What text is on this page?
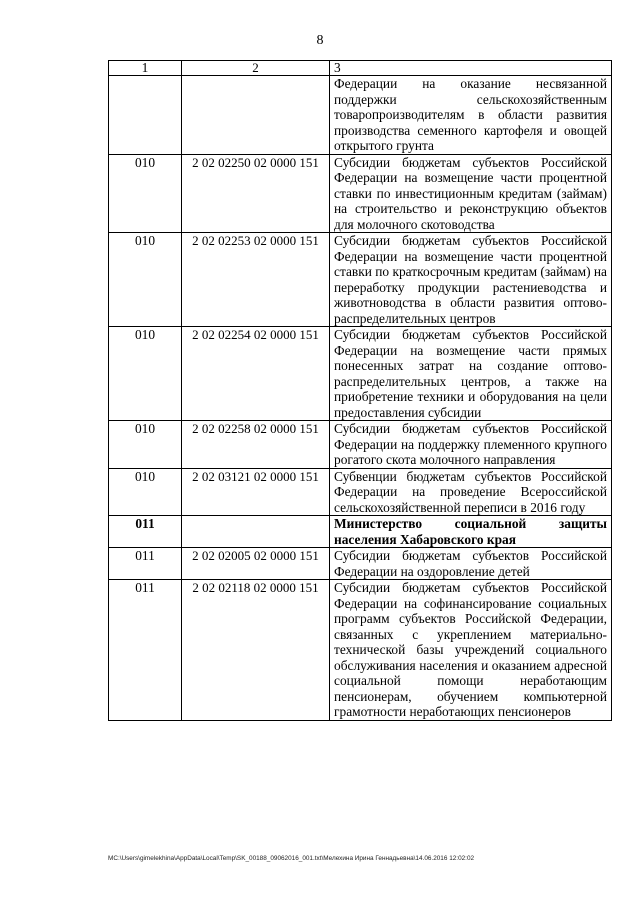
8
1	2	3
		Федерации на оказание несвязанной поддержки сельскохозяйственным товаропроизводителям в области развития производства семенного картофеля и овощей открытого грунта
010	2 02 02250 02 0000 151	Субсидии бюджетам субъектов Российской Федерации на возмещение части процентной ставки по инвестиционным кредитам (займам) на строительство и реконструкцию объектов для молочного скотоводства
010	2 02 02253 02 0000 151	Субсидии бюджетам субъектов Российской Федерации на возмещение части процентной ставки по краткосрочным кредитам (займам) на переработку продукции растениеводства и животноводства в области развития оптово-распределительных центров
010	2 02 02254 02 0000 151	Субсидии бюджетам субъектов Российской Федерации на возмещение части прямых понесенных затрат на создание оптово-распределительных центров, а также на приобретение техники и оборудования на цели предоставления субсидии
010	2 02 02258 02 0000 151	Субсидии бюджетам субъектов Российской Федерации на поддержку племенного крупного рогатого скота молочного направления
010	2 02 03121 02 0000 151	Субвенции бюджетам субъектов Российской Федерации на проведение Всероссийской сельскохозяйственной переписи в 2016 году
011		Министерство социальной защиты населения Хабаровского края
011	2 02 02005 02 0000 151	Субсидии бюджетам субъектов Российской Федерации на оздоровление детей
011	2 02 02118 02 0000 151	Субсидии бюджетам субъектов Российской Федерации на софинансирование социальных программ субъектов Российской Федерации, связанных с укреплением материально-технической базы учреждений социального обслуживания населения и оказанием адресной социальной помощи неработающим пенсионерам, обучением компьютерной грамотности неработающих пенсионеров
МС:\Users\gimelekhina\AppData\Local\Temp\SK_00188_09062016_001.txt\Мелехина Ирина Геннадьевна\14.06.2016 12:02:02
